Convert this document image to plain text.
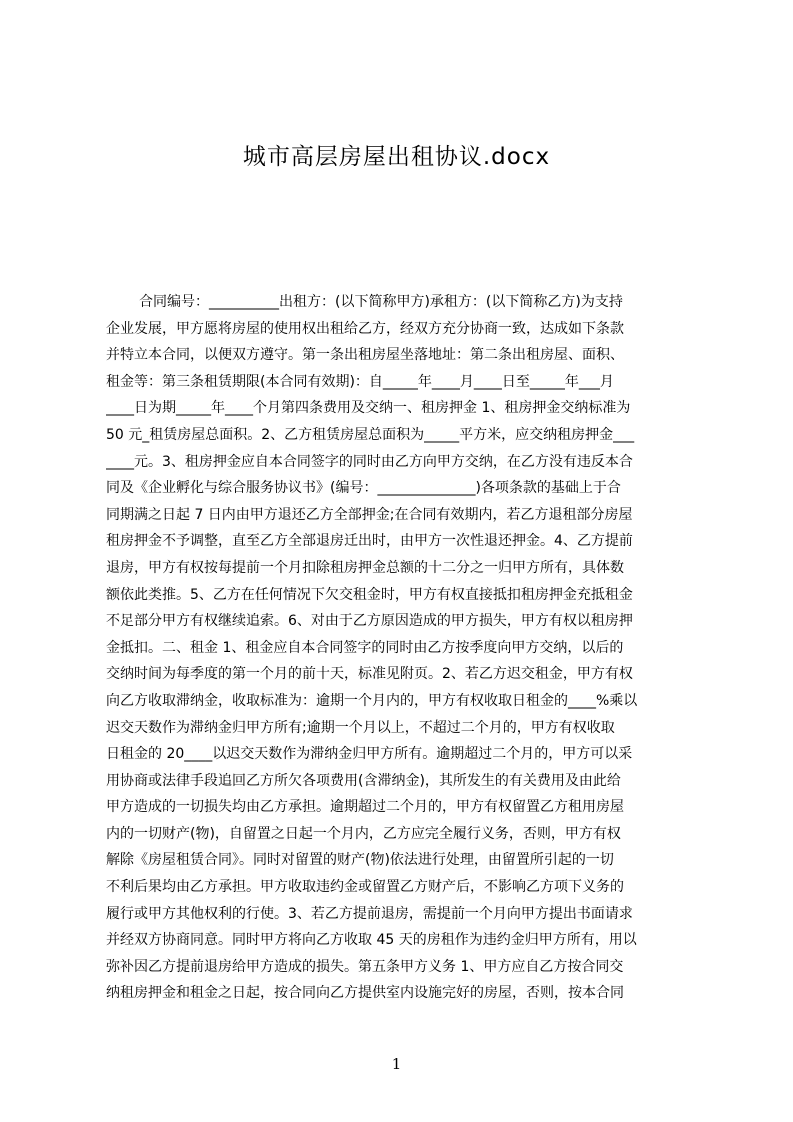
城市高层房屋出租协议.docx
合同编号：__________出租方：(以下简称甲方)承租方：(以下简称乙方)为支持
企业发展，甲方愿将房屋的使用权出租给乙方，经双方充分协商一致，达成如下条款
并特立本合同，以便双方遵守。第一条出租房屋坐落地址：第二条出租房屋、面积、
租金等：第三条租赁期限(本合同有效期)：自_____年____月____日至_____年___月
____日为期_____年____个月第四条费用及交纳一、租房押金 1、租房押金交纳标准为
50 元_租赁房屋总面积。2、乙方租赁房屋总面积为_____平方米，应交纳租房押金___
____元。3、租房押金应自本合同签字的同时由乙方向甲方交纳，在乙方没有违反本合
同及《企业孵化与综合服务协议书》(编号：______________)各项条款的基础上于合
同期满之日起 7 日内由甲方退还乙方全部押金;在合同有效期内，若乙方退租部分房屋
租房押金不予调整，直至乙方全部退房迁出时，由甲方一次性退还押金。4、乙方提前
退房，甲方有权按每提前一个月扣除租房押金总额的十二分之一归甲方所有，具体数
额依此类推。5、乙方在任何情况下欠交租金时，甲方有权直接抵扣租房押金充抵租金
不足部分甲方有权继续追索。6、对由于乙方原因造成的甲方损失，甲方有权以租房押
金抵扣。二、租金 1、租金应自本合同签字的同时由乙方按季度向甲方交纳，以后的
交纳时间为每季度的第一个月的前十天，标准见附页。2、若乙方迟交租金，甲方有权
向乙方收取滞纳金，收取标准为：逾期一个月内的，甲方有权收取日租金的____%乘以
迟交天数作为滞纳金归甲方所有;逾期一个月以上，不超过二个月的，甲方有权收取
日租金的 20____以迟交天数作为滞纳金归甲方所有。逾期超过二个月的，甲方可以采
用协商或法律手段追回乙方所欠各项费用(含滞纳金)，其所发生的有关费用及由此给
甲方造成的一切损失均由乙方承担。逾期超过二个月的，甲方有权留置乙方租用房屋
内的一切财产(物)，自留置之日起一个月内，乙方应完全履行义务，否则，甲方有权
解除《房屋租赁合同》。同时对留置的财产(物)依法进行处理，由留置所引起的一切
不利后果均由乙方承担。甲方收取违约金或留置乙方财产后，不影响乙方项下义务的
履行或甲方其他权利的行使。3、若乙方提前退房，需提前一个月向甲方提出书面请求
并经双方协商同意。同时甲方将向乙方收取 45 天的房租作为违约金归甲方所有，用以
弥补因乙方提前退房给甲方造成的损失。第五条甲方义务 1、甲方应自乙方按合同交
纳租房押金和租金之日起，按合同向乙方提供室内设施完好的房屋，否则，按本合同
1
